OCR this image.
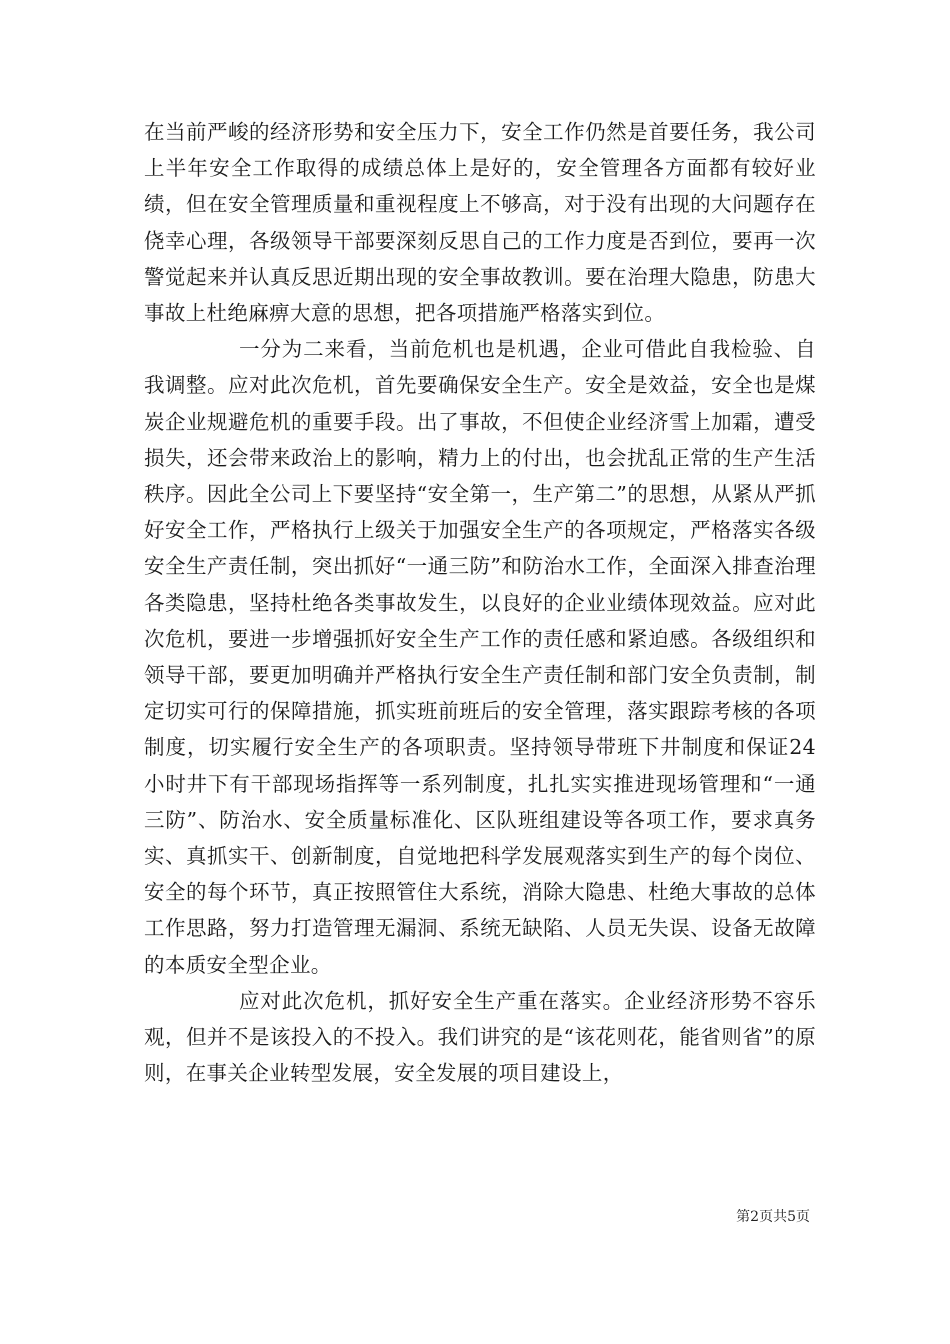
在当前严峻的经济形势和安全压力下，安全工作仍然是首要任务，我公司上半年安全工作取得的成绩总体上是好的，安全管理各方面都有较好业绩，但在安全管理质量和重视程度上不够高，对于没有出现的大问题存在侥幸心理，各级领导干部要深刻反思自己的工作力度是否到位，要再一次警觉起来并认真反思近期出现的安全事故教训。要在治理大隐患，防患大事故上杜绝麻痹大意的思想，把各项措施严格落实到位。

一分为二来看，当前危机也是机遇，企业可借此自我检验、自我调整。应对此次危机，首先要确保安全生产。安全是效益，安全也是煤炭企业规避危机的重要手段。出了事故，不但使企业经济雪上加霜，遭受损失，还会带来政治上的影响，精力上的付出，也会扰乱正常的生产生活秩序。因此全公司上下要坚持“安全第一，生产第二”的思想，从紧从严抓好安全工作，严格执行上级关于加强安全生产的各项规定，严格落实各级安全生产责任制，突出抓好“一通三防”和防治水工作，全面深入排查治理各类隐患，坚持杜绝各类事故发生，以良好的企业业绩体现效益。应对此次危机，要进一步增强抓好安全生产工作的责任感和紧迫感。各级组织和领导干部，要更加明确并严格执行安全生产责任制和部门安全负责制，制定切实可行的保障措施，抓实班前班后的安全管理，落实跟踪考核的各项制度，切实履行安全生产的各项职责。坚持领导带班下井制度和保证24小时井下有干部现场指挥等一系列制度，扎扎实实推进现场管理和“一通三防”、防治水、安全质量标准化、区队班组建设等各项工作，要求真务实、真抓实干、创新制度，自觉地把科学发展观落实到生产的每个岗位、安全的每个环节，真正按照管住大系统，消除大隐患、杜绝大事故的总体工作思路，努力打造管理无漏洞、系统无缺陷、人员无失误、设备无故障的本质安全型企业。

应对此次危机，抓好安全生产重在落实。企业经济形势不容乐观，但并不是该投入的不投入。我们讲究的是“该花则花，能省则省”的原则，在事关企业转型发展，安全发展的项目建设上，

第2页共5页
